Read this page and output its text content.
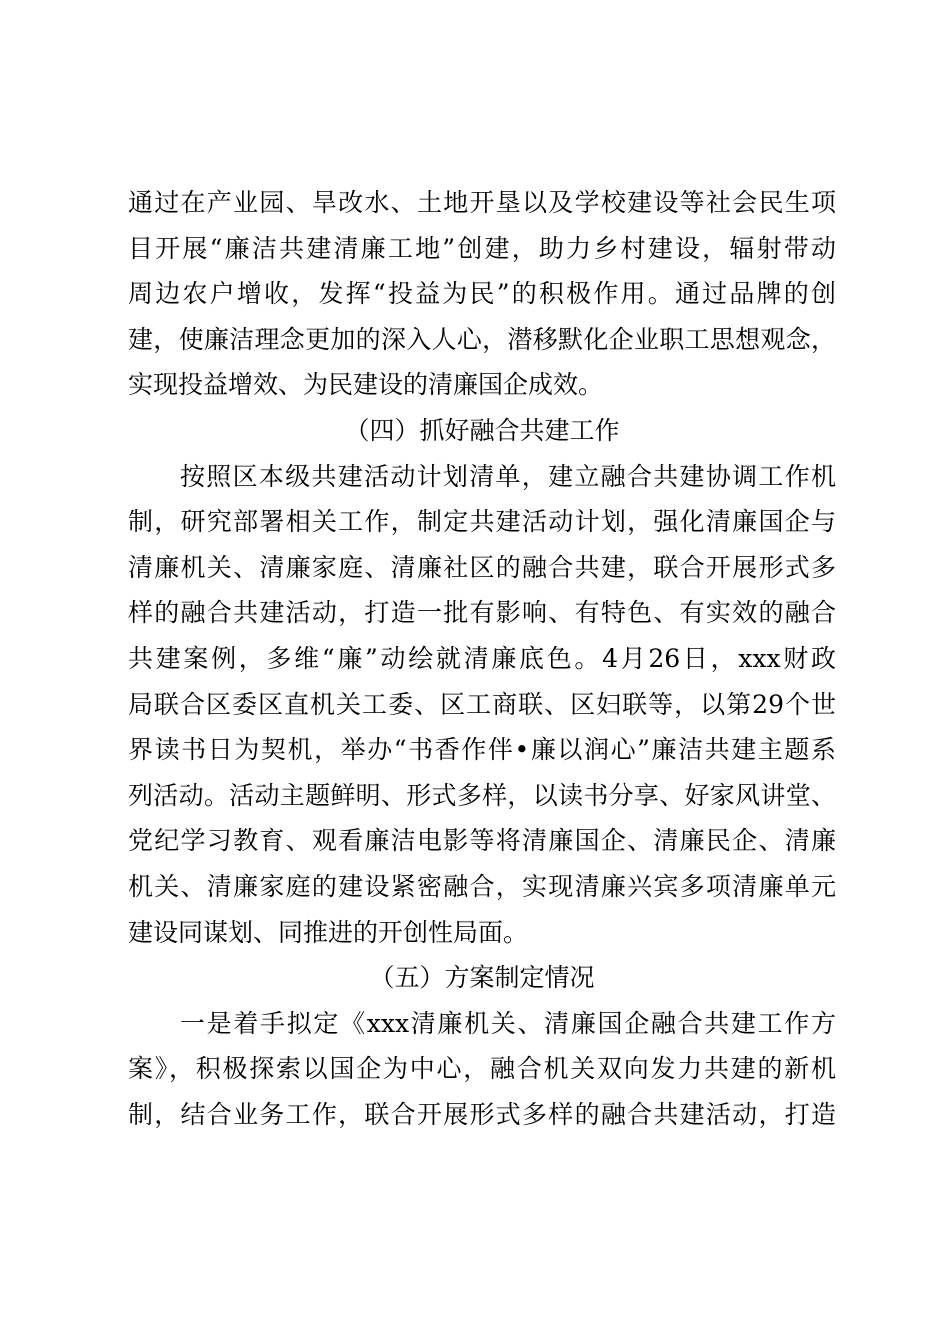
通过在产业园、旱改水、土地开垦以及学校建设等社会民生项
目开展“廉洁共建清廉工地”创建，助力乡村建设，辐射带动
周边农户增收，发挥“投益为民”的积极作用。通过品牌的创
建，使廉洁理念更加的深入人心，潜移默化企业职工思想观念，
实现投益增效、为民建设的清廉国企成效。
（四）抓好融合共建工作
按照区本级共建活动计划清单，建立融合共建协调工作机
制，研究部署相关工作，制定共建活动计划，强化清廉国企与
清廉机关、清廉家庭、清廉社区的融合共建，联合开展形式多
样的融合共建活动，打造一批有影响、有特色、有实效的融合
共建案例，多维“廉”动绘就清廉底色。4月26日，xxx财政
局联合区委区直机关工委、区工商联、区妇联等，以第29个世
界读书日为契机，举办“书香作伴•廉以润心”廉洁共建主题系
列活动。活动主题鲜明、形式多样，以读书分享、好家风讲堂、
党纪学习教育、观看廉洁电影等将清廉国企、清廉民企、清廉
机关、清廉家庭的建设紧密融合，实现清廉兴宾多项清廉单元
建设同谋划、同推进的开创性局面。
（五）方案制定情况
一是着手拟定《xxx清廉机关、清廉国企融合共建工作方
案》，积极探索以国企为中心，融合机关双向发力共建的新机
制，结合业务工作，联合开展形式多样的融合共建活动，打造
